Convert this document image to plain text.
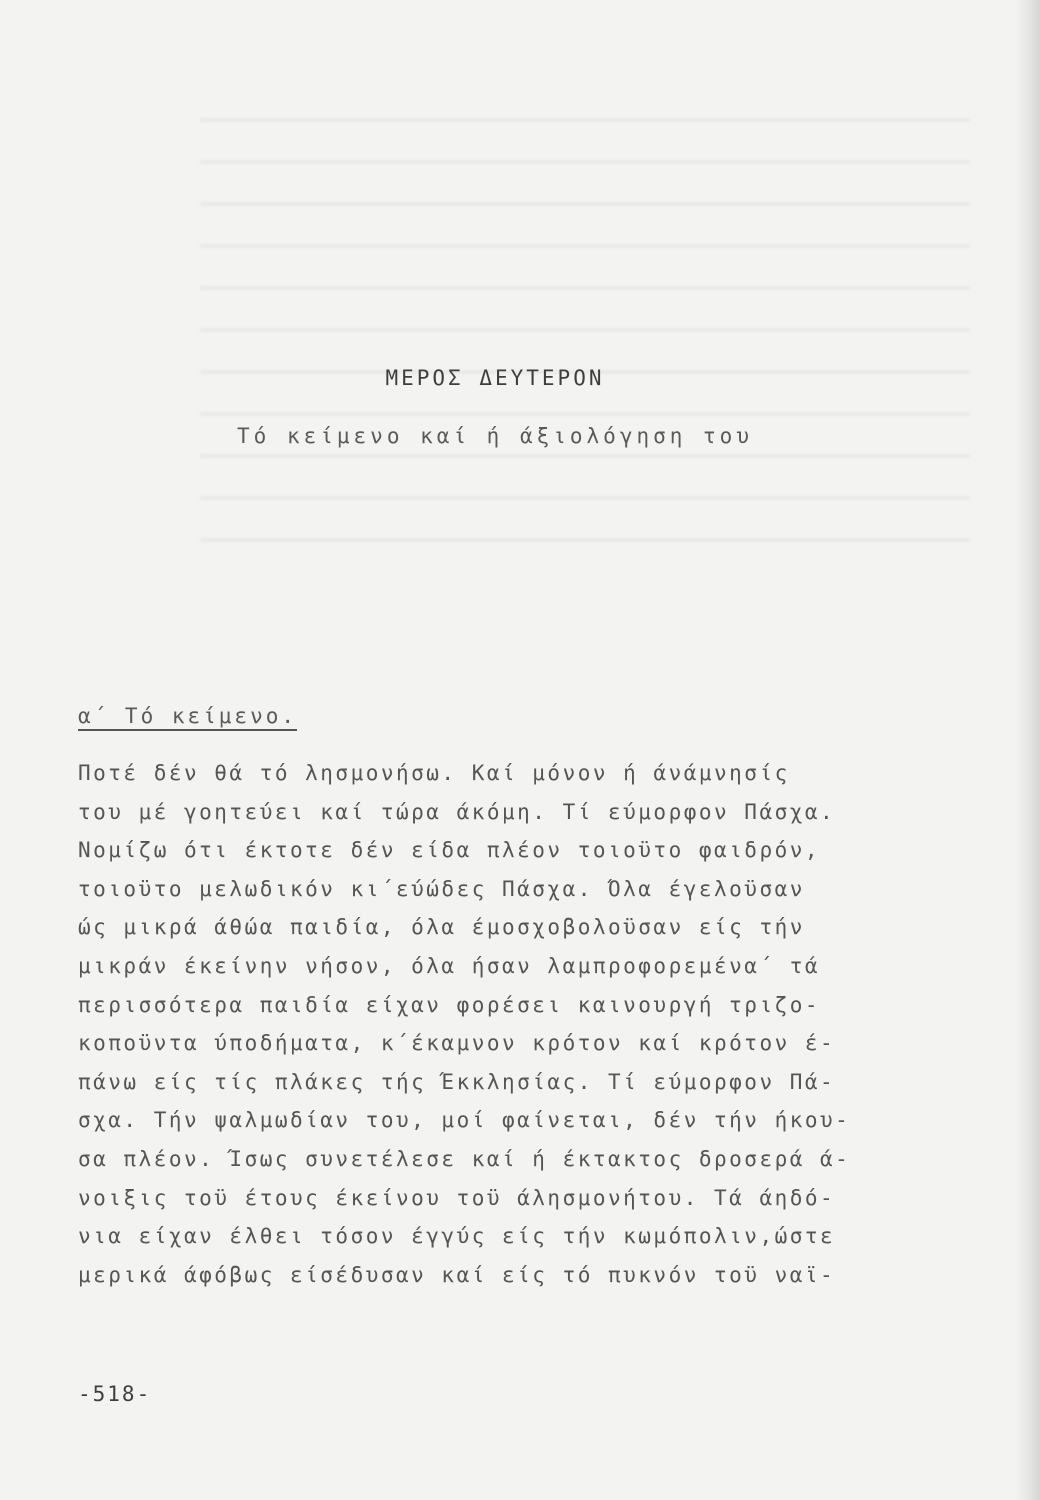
ΜΕΡΟΣ ΔΕΥΤΕΡΟΝ
Τό κείμενο καί ή άξιολόγηση του
α΄ Τό κείμενο.
Ποτέ δέν θά τό λησμονήσω. Καί μόνον ή άνάμνησίς
του μέ γοητεύει καί τώρα άκόμη. Τί εύμορφον Πάσχα.
Νομίζω ότι έκτοτε δέν είδα πλέον τοιοϋτο φαιδρόν,
τοιοϋτο μελωδικόν κι΄εύώδες Πάσχα. Όλα έγελοϋσαν
ώς μικρά άθώα παιδία, όλα έμοσχοβολοϋσαν είς τήν
μικράν έκείνην νήσον, όλα ήσαν λαμπροφορεμένα΄ τά
περισσότερα παιδία είχαν φορέσει καινουργή τριζο-
κοποϋντα ύποδήματα, κ΄έκαμνον κρότον καί κρότον έ-
πάνω είς τίς πλάκες τής Έκκλησίας. Τί εύμορφον Πά-
σχα. Τήν ψαλμωδίαν του, μοί φαίνεται, δέν τήν ήκου-
σα πλέον. Ίσως συνετέλεσε καί ή έκτακτος δροσερά ά-
νοιξις τοϋ έτους έκείνου τοϋ άλησμονήτου. Τά άηδό-
νια είχαν έλθει τόσον έγγύς είς τήν κωμόπολιν,ώστε
μερικά άφόβως είσέδυσαν καί είς τό πυκνόν τοϋ ναϊ-
-518-
